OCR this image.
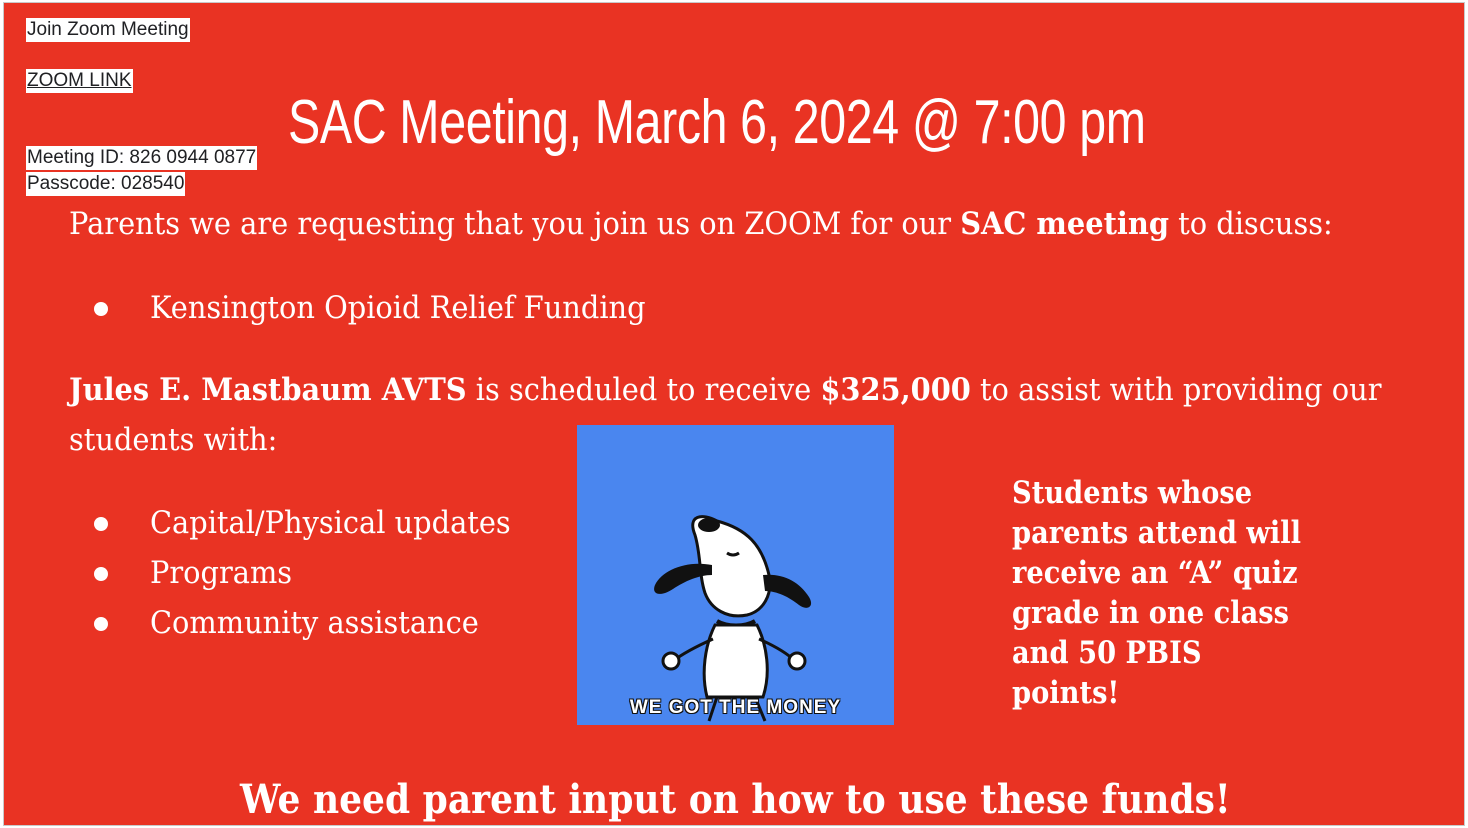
Join Zoom Meeting
ZOOM LINK
Meeting ID: 826 0944 0877
Passcode: 028540
SAC Meeting, March 6, 2024 @ 7:00 pm
Parents we are requesting that you join us on ZOOM for our SAC meeting to discuss:
Kensington Opioid Relief Funding
Jules E. Mastbaum AVTS is scheduled to receive $325,000 to assist with providing our
students with:
Capital/Physical updates
Programs
Community assistance
WE GOT THE MONEY
Students whose parents attend will receive an “A” quiz grade in one class and 50 PBIS points!
We need parent input on how to use these funds!
